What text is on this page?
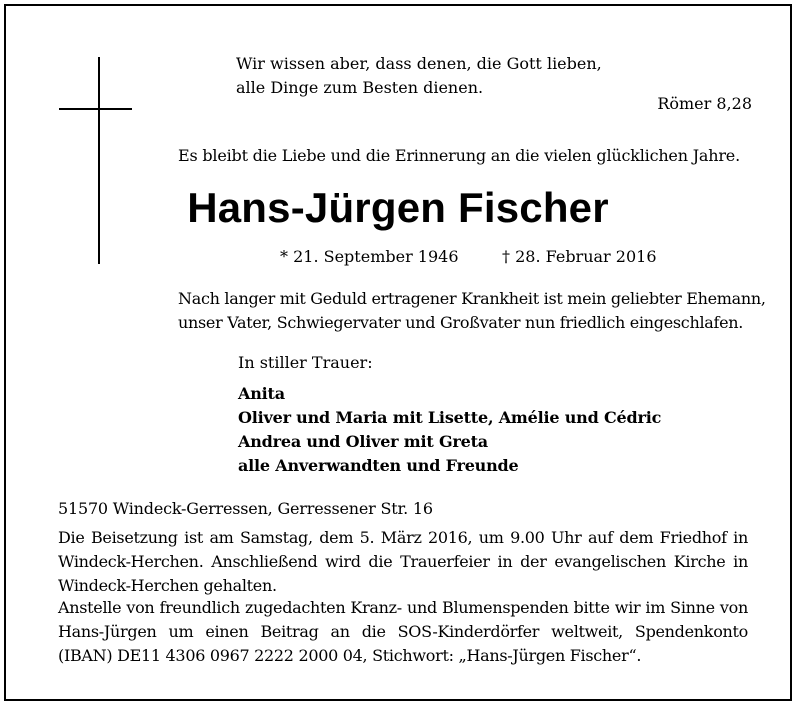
Wir wissen aber, dass denen, die Gott lieben,
alle Dinge zum Besten dienen.
Römer 8,28
Es bleibt die Liebe und die Erinnerung an die vielen glücklichen Jahre.
Hans-Jürgen Fischer
* 21. September 1946	† 28. Februar 2016
Nach langer mit Geduld ertragener Krankheit ist mein geliebter Ehemann,
unser Vater, Schwiegervater und Großvater nun friedlich eingeschlafen.
In stiller Trauer:
Anita
Oliver und Maria mit Lisette, Amélie und Cédric
Andrea und Oliver mit Greta
alle Anverwandten und Freunde
51570 Windeck-Gerressen, Gerressener Str. 16
Die Beisetzung ist am Samstag, dem 5. März 2016, um 9.00 Uhr auf dem Friedhof in Windeck-Herchen. Anschließend wird die Trauerfeier in der evangelischen Kirche in Windeck-Herchen gehalten.
Anstelle von freundlich zugedachten Kranz- und Blumenspenden bitte wir im Sinne von Hans-Jürgen um einen Beitrag an die SOS-Kinderdörfer weltweit, Spendenkonto (IBAN) DE11 4306 0967 2222 2000 04, Stichwort: „Hans-Jürgen Fischer“.
